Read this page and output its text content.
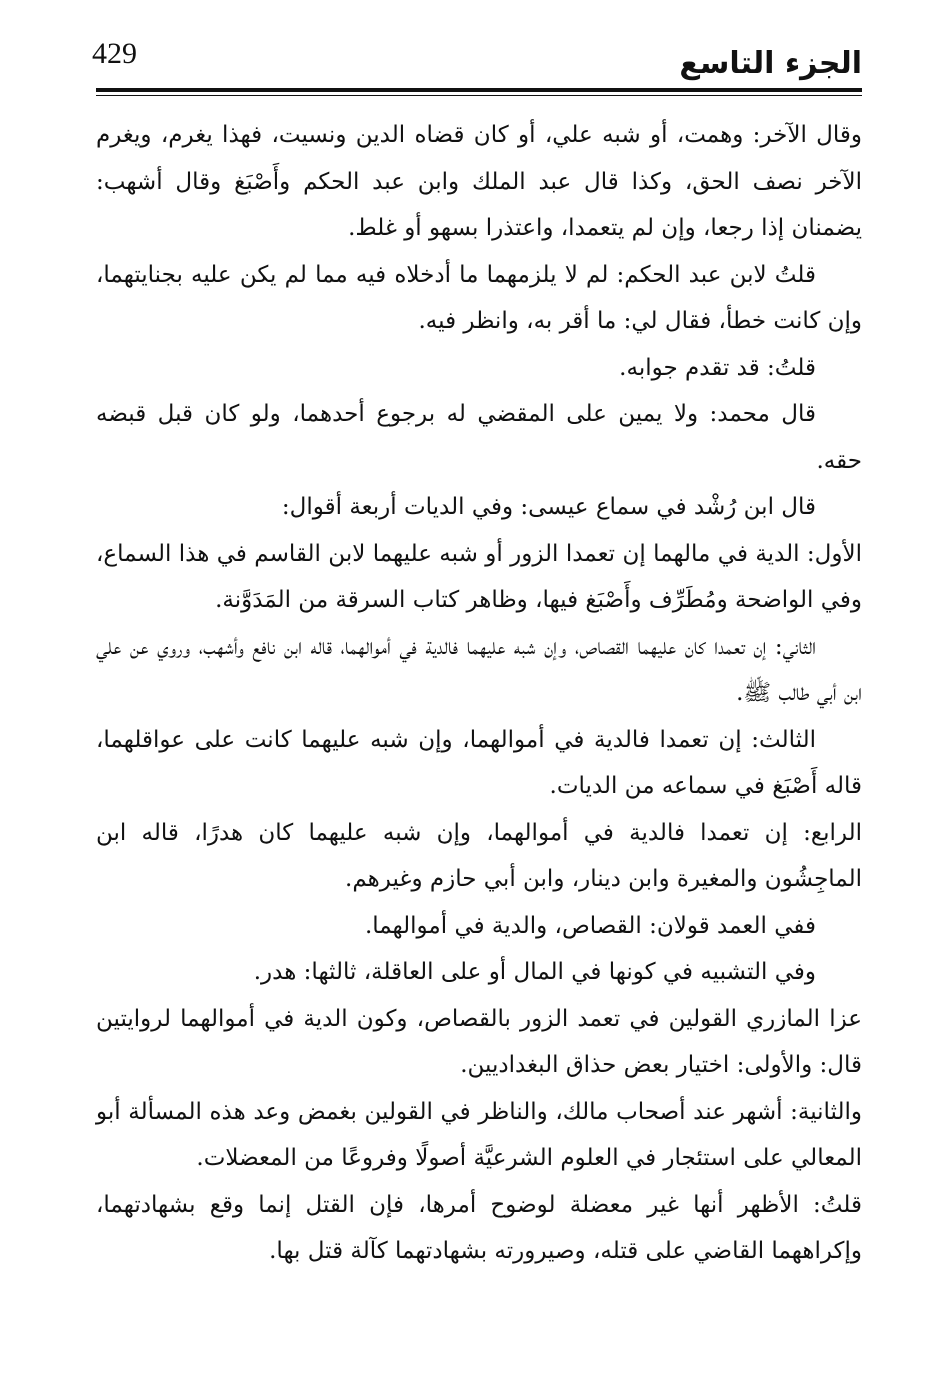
429	الجزء التاسع

وقال الآخر: وهمت، أو شبه علي، أو كان قضاه الدين ونسيت، فهذا يغرم، ويغرم الآخر نصف الحق، وكذا قال عبد الملك وابن عبد الحكم وأَصْبَغ وقال أشهب: يضمنان إذا رجعا، وإن لم يتعمدا، واعتذرا بسهو أو غلط.

قلتُ لابن عبد الحكم: لم لا يلزمهما ما أدخلاه فيه مما لم يكن عليه بجنايتهما، وإن كانت خطأ، فقال لي: ما أقر به، وانظر فيه.

قلتُ: قد تقدم جوابه.

قال محمد: ولا يمين على المقضي له برجوع أحدهما، ولو كان قبل قبضه حقه.

قال ابن رُشْد في سماع عيسى: وفي الديات أربعة أقوال:

الأول: الدية في مالهما إن تعمدا الزور أو شبه عليهما لابن القاسم في هذا السماع، وفي الواضحة ومُطَرِّف وأَصْبَغ فيها، وظاهر كتاب السرقة من المَدَوَّنة.

الثاني: إن تعمدا كان عليهما القصاص، وإن شبه عليهما فالدية في أموالهما، قاله ابن نافع وأشهب، وروي عن علي ابن أبي طالب ﷺ.

الثالث: إن تعمدا فالدية في أموالهما، وإن شبه عليهما كانت على عواقلهما، قاله أَصْبَغ في سماعه من الديات.

الرابع: إن تعمدا فالدية في أموالهما، وإن شبه عليهما كان هدرًا، قاله ابن الماجِشُون والمغيرة وابن دينار، وابن أبي حازم وغيرهم.

ففي العمد قولان: القصاص، والدية في أموالهما.

وفي التشبيه في كونها في المال أو على العاقلة، ثالثها: هدر.

عزا المازري القولين في تعمد الزور بالقصاص، وكون الدية في أموالهما لروايتين قال: والأولى: اختيار بعض حذاق البغداديين.

والثانية: أشهر عند أصحاب مالك، والناظر في القولين بغمض وعد هذه المسألة أبو المعالي على استئجار في العلوم الشرعيَّة أصولًا وفروعًا من المعضلات.

قلتُ: الأظهر أنها غير معضلة لوضوح أمرها، فإن القتل إنما وقع بشهادتهما، وإكراههما القاضي على قتله، وصيرورته بشهادتهما كآلة قتل بها.
